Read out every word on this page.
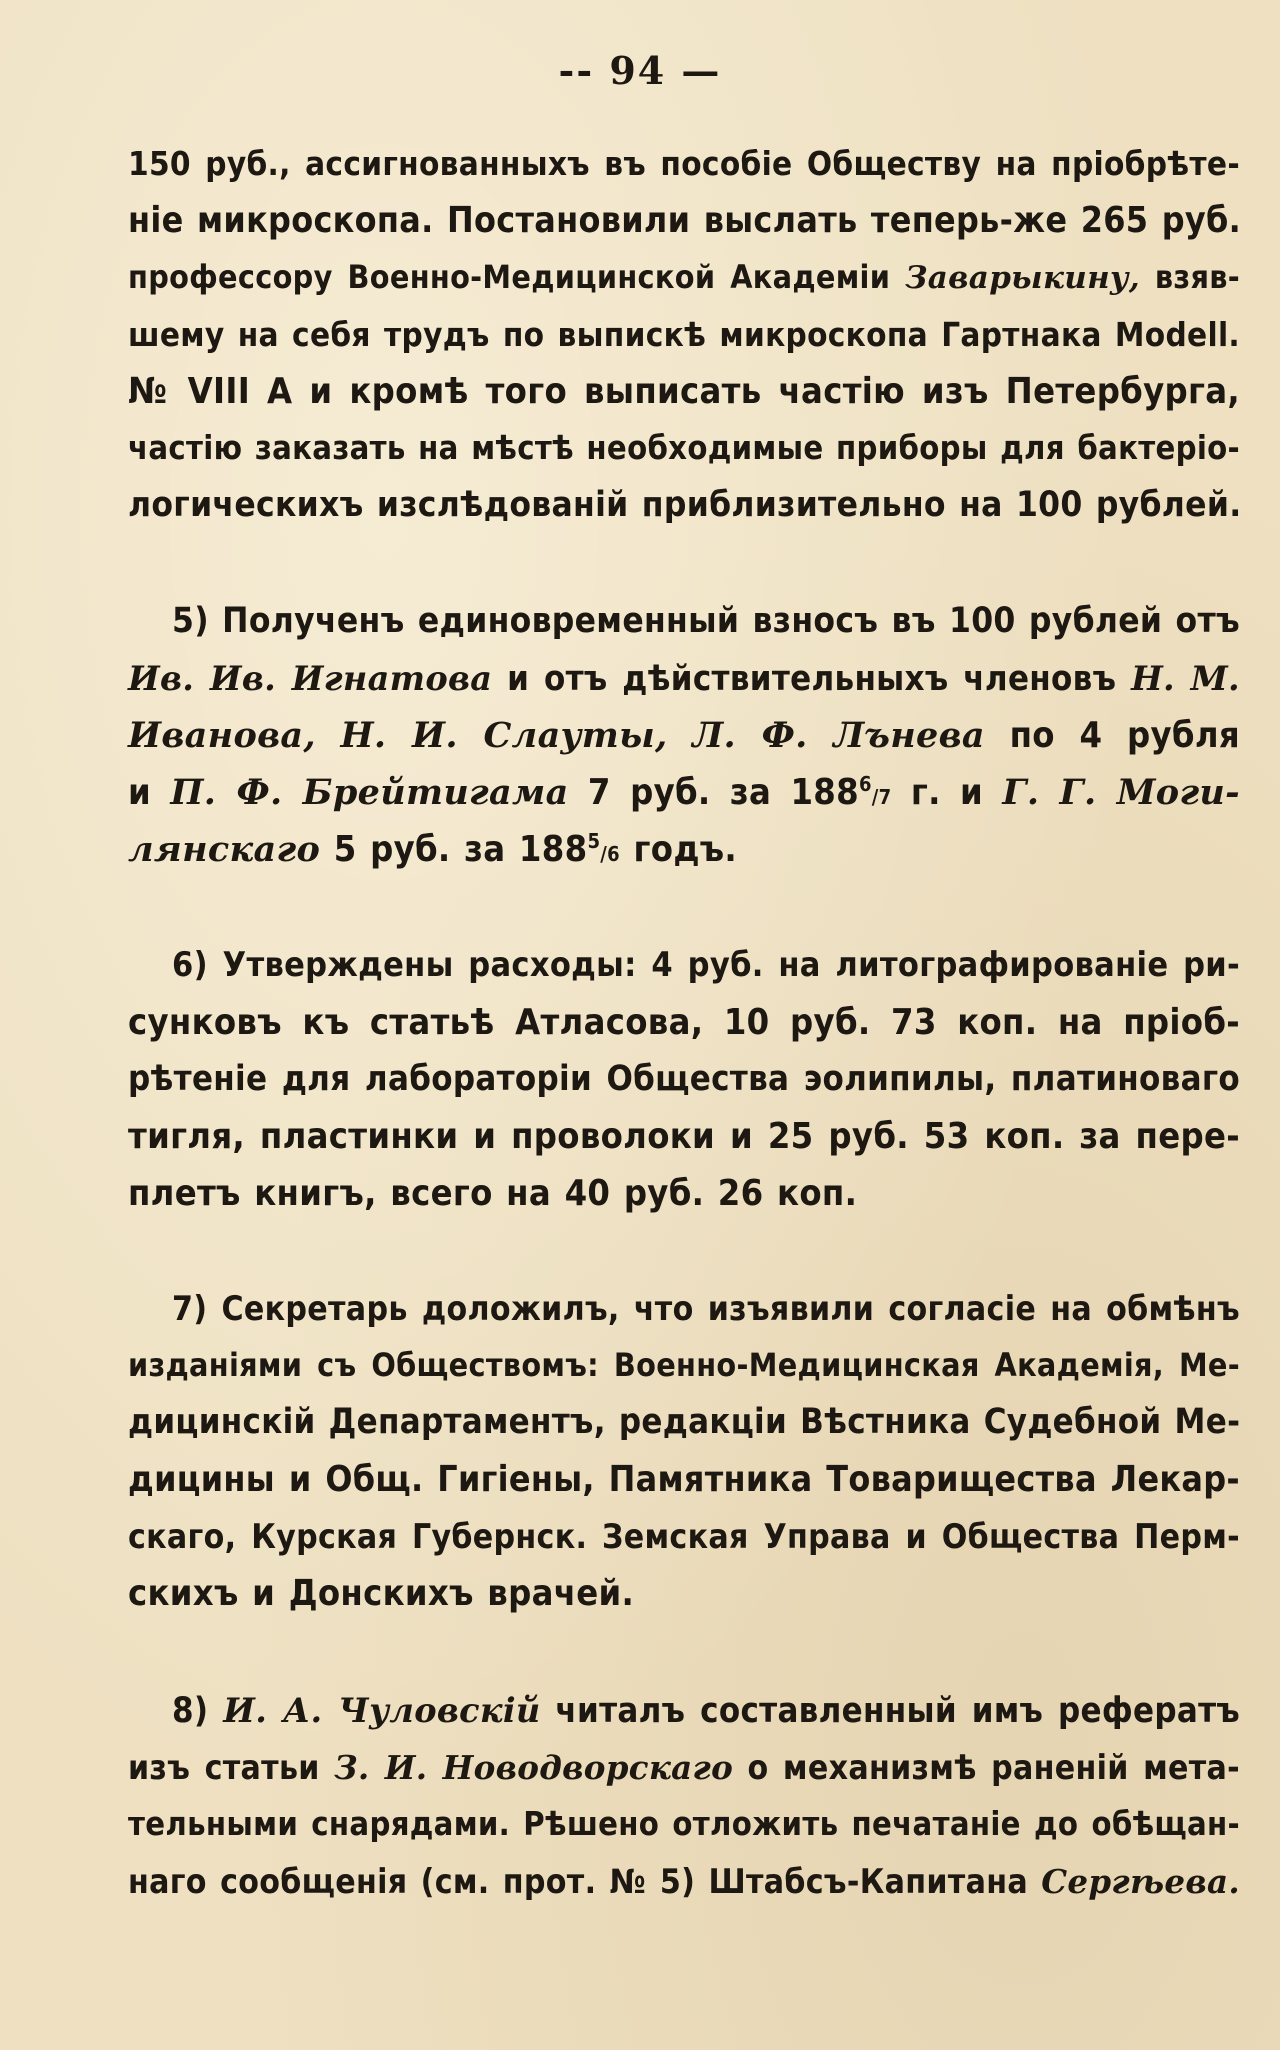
-- 94 —
150 руб., ассигнованныхъ въ пособіе Обществу на пріобрѣте-
ніе микроскопа. Постановили выслать теперь-же 265 руб.
профессору Военно-Медицинской Академіи Заварыкину, взяв-
шему на себя трудъ по выпискѣ микроскопа Гартнака Modell.
№ VIII А и кромѣ того выписать частію изъ Петербурга,
частію заказать на мѣстѣ необходимые приборы для бактеріо-
логическихъ изслѣдованій приблизительно на 100 рублей.
5) Полученъ единовременный взносъ въ 100 рублей отъ
Ив. Ив. Игнатова и отъ дѣйствительныхъ членовъ Н. М.
Иванова, Н. И. Слауты, Л. Ф. Лънева по 4 рубля
и П. Ф. Брейтигама 7 руб. за $188^6/7$ г. и Г. Г. Моги-
лянскаго 5 руб. за $188^5/6$ годъ.
6) Утверждены расходы: 4 руб. на литографированіе ри-
сунковъ къ статьѣ Атласова, 10 руб. 73 коп. на пріоб-
рѣтеніе для лабораторіи Общества эолипилы, платиноваго
тигля, пластинки и проволоки и 25 руб. 53 коп. за пере-
плетъ книгъ, всего на 40 руб. 26 коп.
7) Секретарь доложилъ, что изъявили согласіе на обмѣнъ
изданіями съ Обществомъ: Военно-Медицинская Академія, Ме-
дицинскій Департаментъ, редакціи Вѣстника Судебной Ме-
дицины и Общ. Гигіены, Памятника Товарищества Лекар-
скаго, Курская Губернск. Земская Управа и Общества Перм-
скихъ и Донскихъ врачей.
8) И. А. Чуловскій читалъ составленный имъ рефератъ
изъ статьи З. И. Новодворскаго о механизмѣ раненій мета-
тельными снарядами. Рѣшено отложить печатаніе до обѣщан-
наго сообщенія (см. прот. № 5) Штабсъ-Капитана Сергѣева.
